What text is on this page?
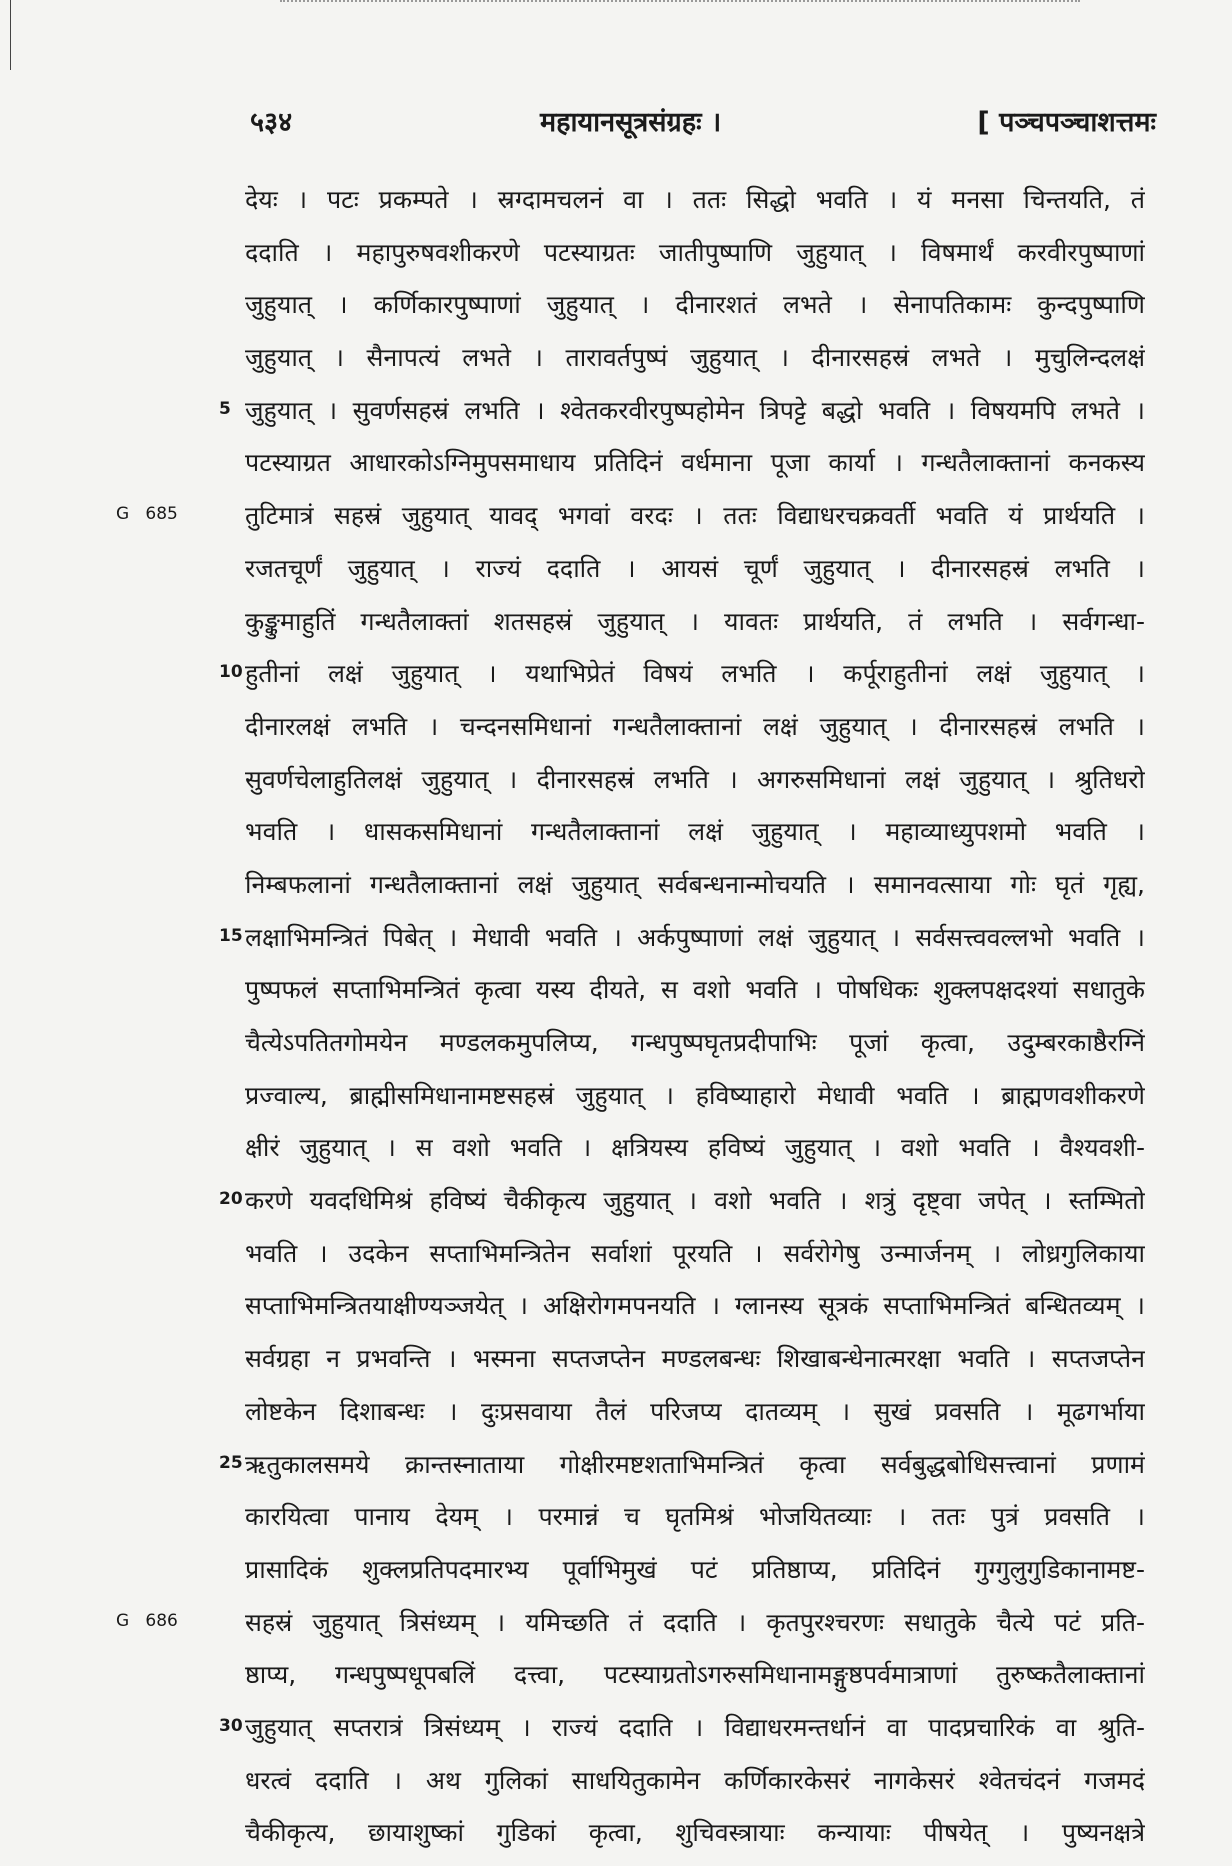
५३४	महायानसूत्रसंग्रहः ।	[ पञ्चपञ्चाशत्तमः
देयः । पटः प्रकम्पते । स्रग्दामचलनं वा । ततः सिद्धो भवति । यं मनसा चिन्तयति, तं
ददाति । महापुरुषवशीकरणे पटस्याग्रतः जातीपुष्पाणि जुहुयात् । विषमार्थं करवीरपुष्पाणां
जुहुयात् । कर्णिकारपुष्पाणां जुहुयात् । दीनारशतं लभते । सेनापतिकामः कुन्दपुष्पाणि
जुहुयात् । सैनापत्यं लभते । तारावर्तपुष्पं जुहुयात् । दीनारसहस्रं लभते । मुचुलिन्दलक्षं
5 जुहुयात् । सुवर्णसहस्रं लभति । श्वेतकरवीरपुष्पहोमेन त्रिपट्टे बद्धो भवति । विषयमपि लभते ।
पटस्याग्रत आधारकोऽग्निमुपसमाधाय प्रतिदिनं वर्धमाना पूजा कार्या । गन्धतैलाक्तानां कनकस्य
G   685	तुटिमात्रं सहस्रं जुहुयात् यावद् भगवां वरदः । ततः विद्याधरचक्रवर्ती भवति यं प्रार्थयति ।
रजतचूर्णं जुहुयात् । राज्यं ददाति । आयसं चूर्णं जुहुयात् । दीनारसहस्रं लभति ।
कुङ्कुमाहुतिं गन्धतैलाक्तां शतसहस्रं जुहुयात् । यावतः प्रार्थयति, तं लभति । सर्वगन्धा-
10 हुतीनां लक्षं जुहुयात् । यथाभिप्रेतं विषयं लभति । कर्पूराहुतीनां लक्षं जुहुयात् ।
दीनारलक्षं लभति । चन्दनसमिधानां गन्धतैलाक्तानां लक्षं जुहुयात् । दीनारसहस्रं लभति ।
सुवर्णचेलाहुतिलक्षं जुहुयात् । दीनारसहस्रं लभति । अगरुसमिधानां लक्षं जुहुयात् । श्रुतिधरो
भवति । धासकसमिधानां गन्धतैलाक्तानां लक्षं जुहुयात् । महाव्याध्युपशमो भवति ।
निम्बफलानां गन्धतैलाक्तानां लक्षं जुहुयात् सर्वबन्धनान्मोचयति । समानवत्साया गोः घृतं गृह्य,
15 लक्षाभिमन्त्रितं पिबेत् । मेधावी भवति । अर्कपुष्पाणां लक्षं जुहुयात् । सर्वसत्त्ववल्लभो भवति ।
पुष्पफलं सप्ताभिमन्त्रितं कृत्वा यस्य दीयते, स वशो भवति । पोषधिकः शुक्लपक्षदश्यां सधातुके
चैत्येऽपतितगोमयेन मण्डलकमुपलिप्य, गन्धपुष्पघृतप्रदीपाभिः पूजां कृत्वा, उदुम्बरकाष्ठैरग्निं
प्रज्वाल्य, ब्राह्मीसमिधानामष्टसहस्रं जुहुयात् । हविष्याहारो मेधावी भवति । ब्राह्मणवशीकरणे
क्षीरं जुहुयात् । स वशो भवति । क्षत्रियस्य हविष्यं जुहुयात् । वशो भवति । वैश्यवशी-
20 करणे यवदधिमिश्रं हविष्यं चैकीकृत्य जुहुयात् । वशो भवति । शत्रुं दृष्ट्वा जपेत् । स्तम्भितो
भवति । उदकेन सप्ताभिमन्त्रितेन सर्वाशां पूरयति । सर्वरोगेषु उन्मार्जनम् । लोध्रगुलिकाया
सप्ताभिमन्त्रितयाक्षीण्यञ्जयेत् । अक्षिरोगमपनयति । ग्लानस्य सूत्रकं सप्ताभिमन्त्रितं बन्धितव्यम् ।
सर्वग्रहा न प्रभवन्ति । भस्मना सप्तजप्तेन मण्डलबन्धः शिखाबन्धेनात्मरक्षा भवति । सप्तजप्तेन
लोष्टकेन दिशाबन्धः । दुःप्रसवाया तैलं परिजप्य दातव्यम् । सुखं प्रवसति । मूढगर्भाया
25 ऋतुकालसमये क्रान्तस्नाताया गोक्षीरमष्टशताभिमन्त्रितं कृत्वा सर्वबुद्धबोधिसत्त्वानां प्रणामं
कारयित्वा पानाय देयम् । परमान्नं च घृतमिश्रं भोजयितव्याः । ततः पुत्रं प्रवसति ।
प्रासादिकं शुक्लप्रतिपदमारभ्य पूर्वाभिमुखं पटं प्रतिष्ठाप्य, प्रतिदिनं गुग्गुलुगुडिकानामष्ट-
G   686	सहस्रं जुहुयात् त्रिसंध्यम् । यमिच्छति तं ददाति । कृतपुरश्चरणः सधातुके चैत्ये पटं प्रति-
ष्ठाप्य, गन्धपुष्पधूपबलिं दत्त्वा, पटस्याग्रतोऽगरुसमिधानामङ्गुष्ठपर्वमात्राणां तुरुष्कतैलाक्तानां
30 जुहुयात् सप्तरात्रं त्रिसंध्यम् । राज्यं ददाति । विद्याधरमन्तर्धानं वा पादप्रचारिकं वा श्रुति-
धरत्वं ददाति । अथ गुलिकां साधयितुकामेन कर्णिकारकेसरं नागकेसरं श्वेतचंदनं गजमदं
चैकीकृत्य, छायाशुष्कां गुडिकां कृत्वा, शुचिवस्त्रायाः कन्यायाः पीषयेत् । पुष्यनक्षत्रे
